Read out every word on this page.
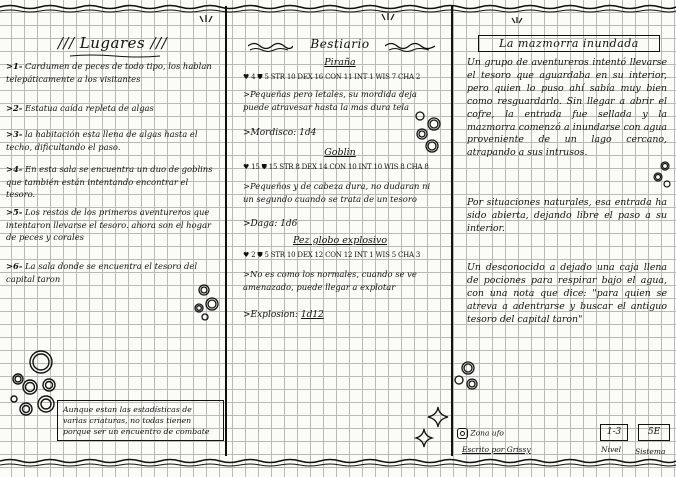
/// Lugares ///
>1- Cardumen de peces de todo tipo, los hablan telepáticamente a los visitantes
>2- Estatua caída repleta de algas
>3- la habitación esta llena de algas hasta el techo, dificultando el paso.
>4- En esta sala se encuentra un duo de goblins que también están intentando encontrar el tesoro.
>5- Los restos de los primeros aventureros que intentaron llevarse el tesoro. ahora son el hogar de peces y corales
>6- La sala donde se encuentra el tesoro del capital taron
Aunque estan las estadísticas de varias criaturas, no todas tienen porque ser un encuentro de combate
Bestiario
Piraña
♥ 4 ⛊ 5 STR 10 DEX 16 CON 11 INT 1 WIS 7 CHA 2
>Pequeñas pero letales, su mordida deja puede atravesar hasta la mas dura tela
>Mordisco: 1d4
Goblin
♥ 15 ⛊ 15 STR 8 DEX 14 CON 10 INT 10 WIS 8 CHA 8
>Pequeños y de cabeza dura, no dudaran ni un segundo cuando se trata de un tesoro
>Daga: 1d6
Pez globo explosivo
♥ 2 ⛊ 5 STR 10 DEX 12 CON 12 INT 1 WIS 5 CHA 3
>No es como los normales, cuando se ve amenazado, puede llegar a explotar
>Explosion: 1d12
La mazmorra inundada
Un grupo de aventureros intentó llevarse el tesoro que aguardaba en su interior, pero quien lo puso ahí sabía muy bien como resguardarlo. Sin llegar a abrir el cofre, la entrada fue sellada y la mazmorra comenzó a inundarse con agua proveniente de un lago cercano, atrapando a sus intrusos.
Por situaciones naturales, esa entrada ha sido abierta, dejando libre el paso a su interior.
Un desconocido a dejado una caja llena de pociones para respirar bajo el agua, con una nota que dice: "para quien se atreva a adentrarse y buscar el antiguo tesoro del capital taron"
Zona ufo
Escrito por Grissy
1-3
Nivel
5E
Sistema
